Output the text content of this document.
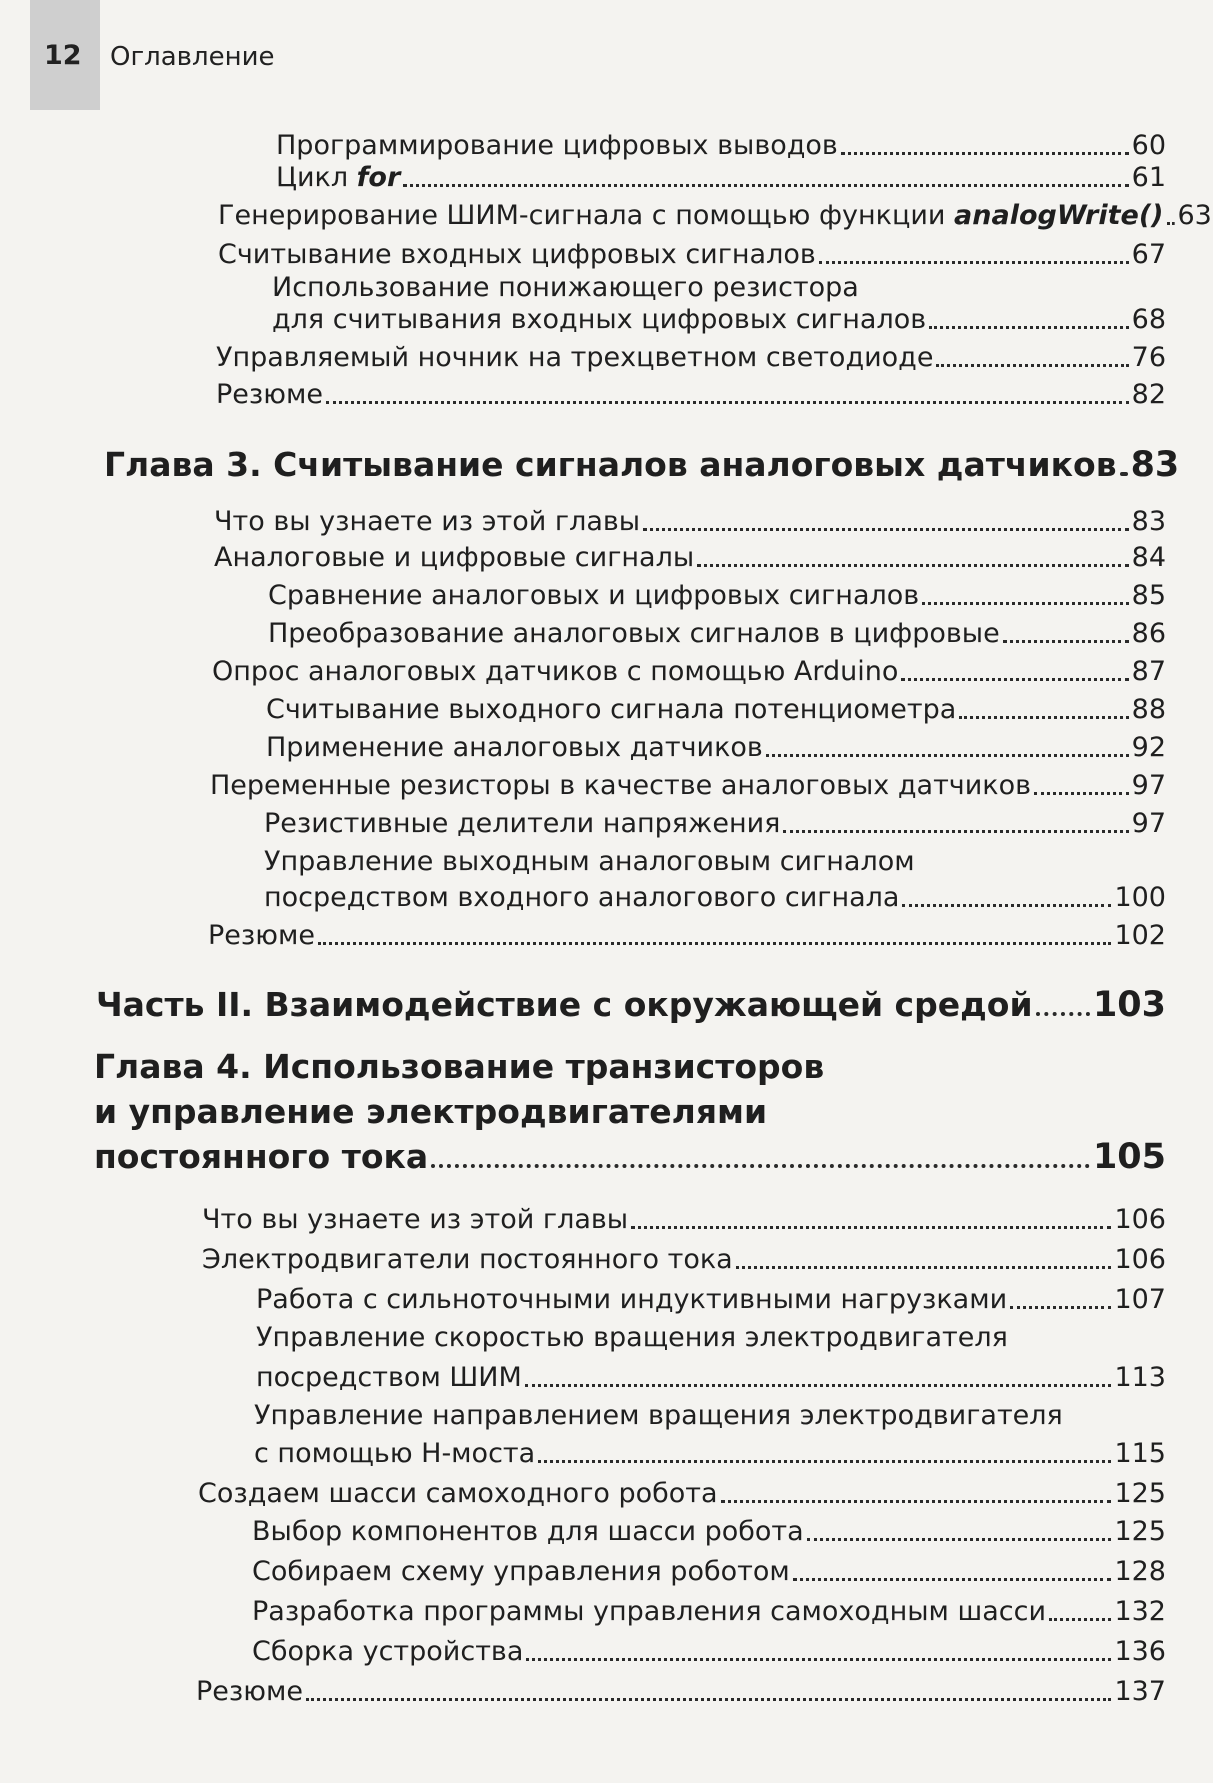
12 Оглавление
Программирование цифровых выводов	60
Цикл for	61
Генерирование ШИМ-сигнала с помощью функции analogWrite() 63
Считывание входных цифровых сигналов	67
Использование понижающего резистора
для считывания входных цифровых сигналов	68
Управляемый ночник на трехцветном светодиоде	76
Резюме	82
Глава 3. Считывание сигналов аналоговых датчиков 83
Что вы узнаете из этой главы	83
Аналоговые и цифровые сигналы	84
Сравнение аналоговых и цифровых сигналов	85
Преобразование аналоговых сигналов в цифровые	86
Опрос аналоговых датчиков с помощью Arduino	87
Считывание выходного сигнала потенциометра	88
Применение аналоговых датчиков	92
Переменные резисторы в качестве аналоговых датчиков	97
Резистивные делители напряжения	97
Управление выходным аналоговым сигналом
посредством входного аналогового сигнала	100
Резюме	102
Часть II. Взаимодействие с окружающей средой 103
Глава 4. Использование транзисторов
и управление электродвигателями
постоянного тока	105
Что вы узнаете из этой главы	106
Электродвигатели постоянного тока	106
Работа с сильноточными индуктивными нагрузками	107
Управление скоростью вращения электродвигателя
посредством ШИМ	113
Управление направлением вращения электродвигателя
с помощью H-моста	115
Создаем шасси самоходного робота	125
Выбор компонентов для шасси робота	125
Собираем схему управления роботом	128
Разработка программы управления самоходным шасси	132
Сборка устройства	136
Резюме	137
